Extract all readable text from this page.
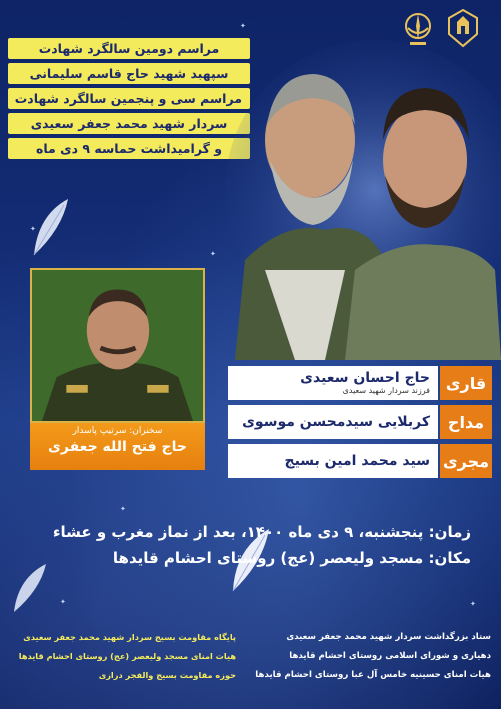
✦
✦
✦
✦
✦
✦
مراسم دومین سالگرد شهادت
سپهبد شهید حاج قاسم سلیمانی
مراسم سی و پنجمین سالگرد شهادت
سردار شهید محمد جعفر سعیدی
و گرامیداشت حماسه ۹ دی ماه
سخنران: سرتیپ پاسدار
حاج فتح الله جعفری
قاری
حاج احسان سعیدی
فرزند سردار شهید سعیدی
مداح
کربلایی سیدمحسن موسوی
مجری
سید محمد امین بسیج
زمان: پنجشنبه، ۹ دی ماه ۱۴۰۰، بعد از نماز مغرب و عشاء
مکان: مسجد ولیعصر (عج) روستای احشام قایدها
ستاد بزرگداشت سردار شهید محمد جعفر سعیدی
دهیاری و شورای اسلامی روستای احشام قایدها
هیات امنای حسینیه خامس آل عبا روستای احشام قایدها
پایگاه مقاومت بسیج سردار شهید محمد جعفر سعیدی
هیات امنای مسجد ولیعصر (عج) روستای احشام قایدها
حوزه مقاومت بسیج والفجر درازی
